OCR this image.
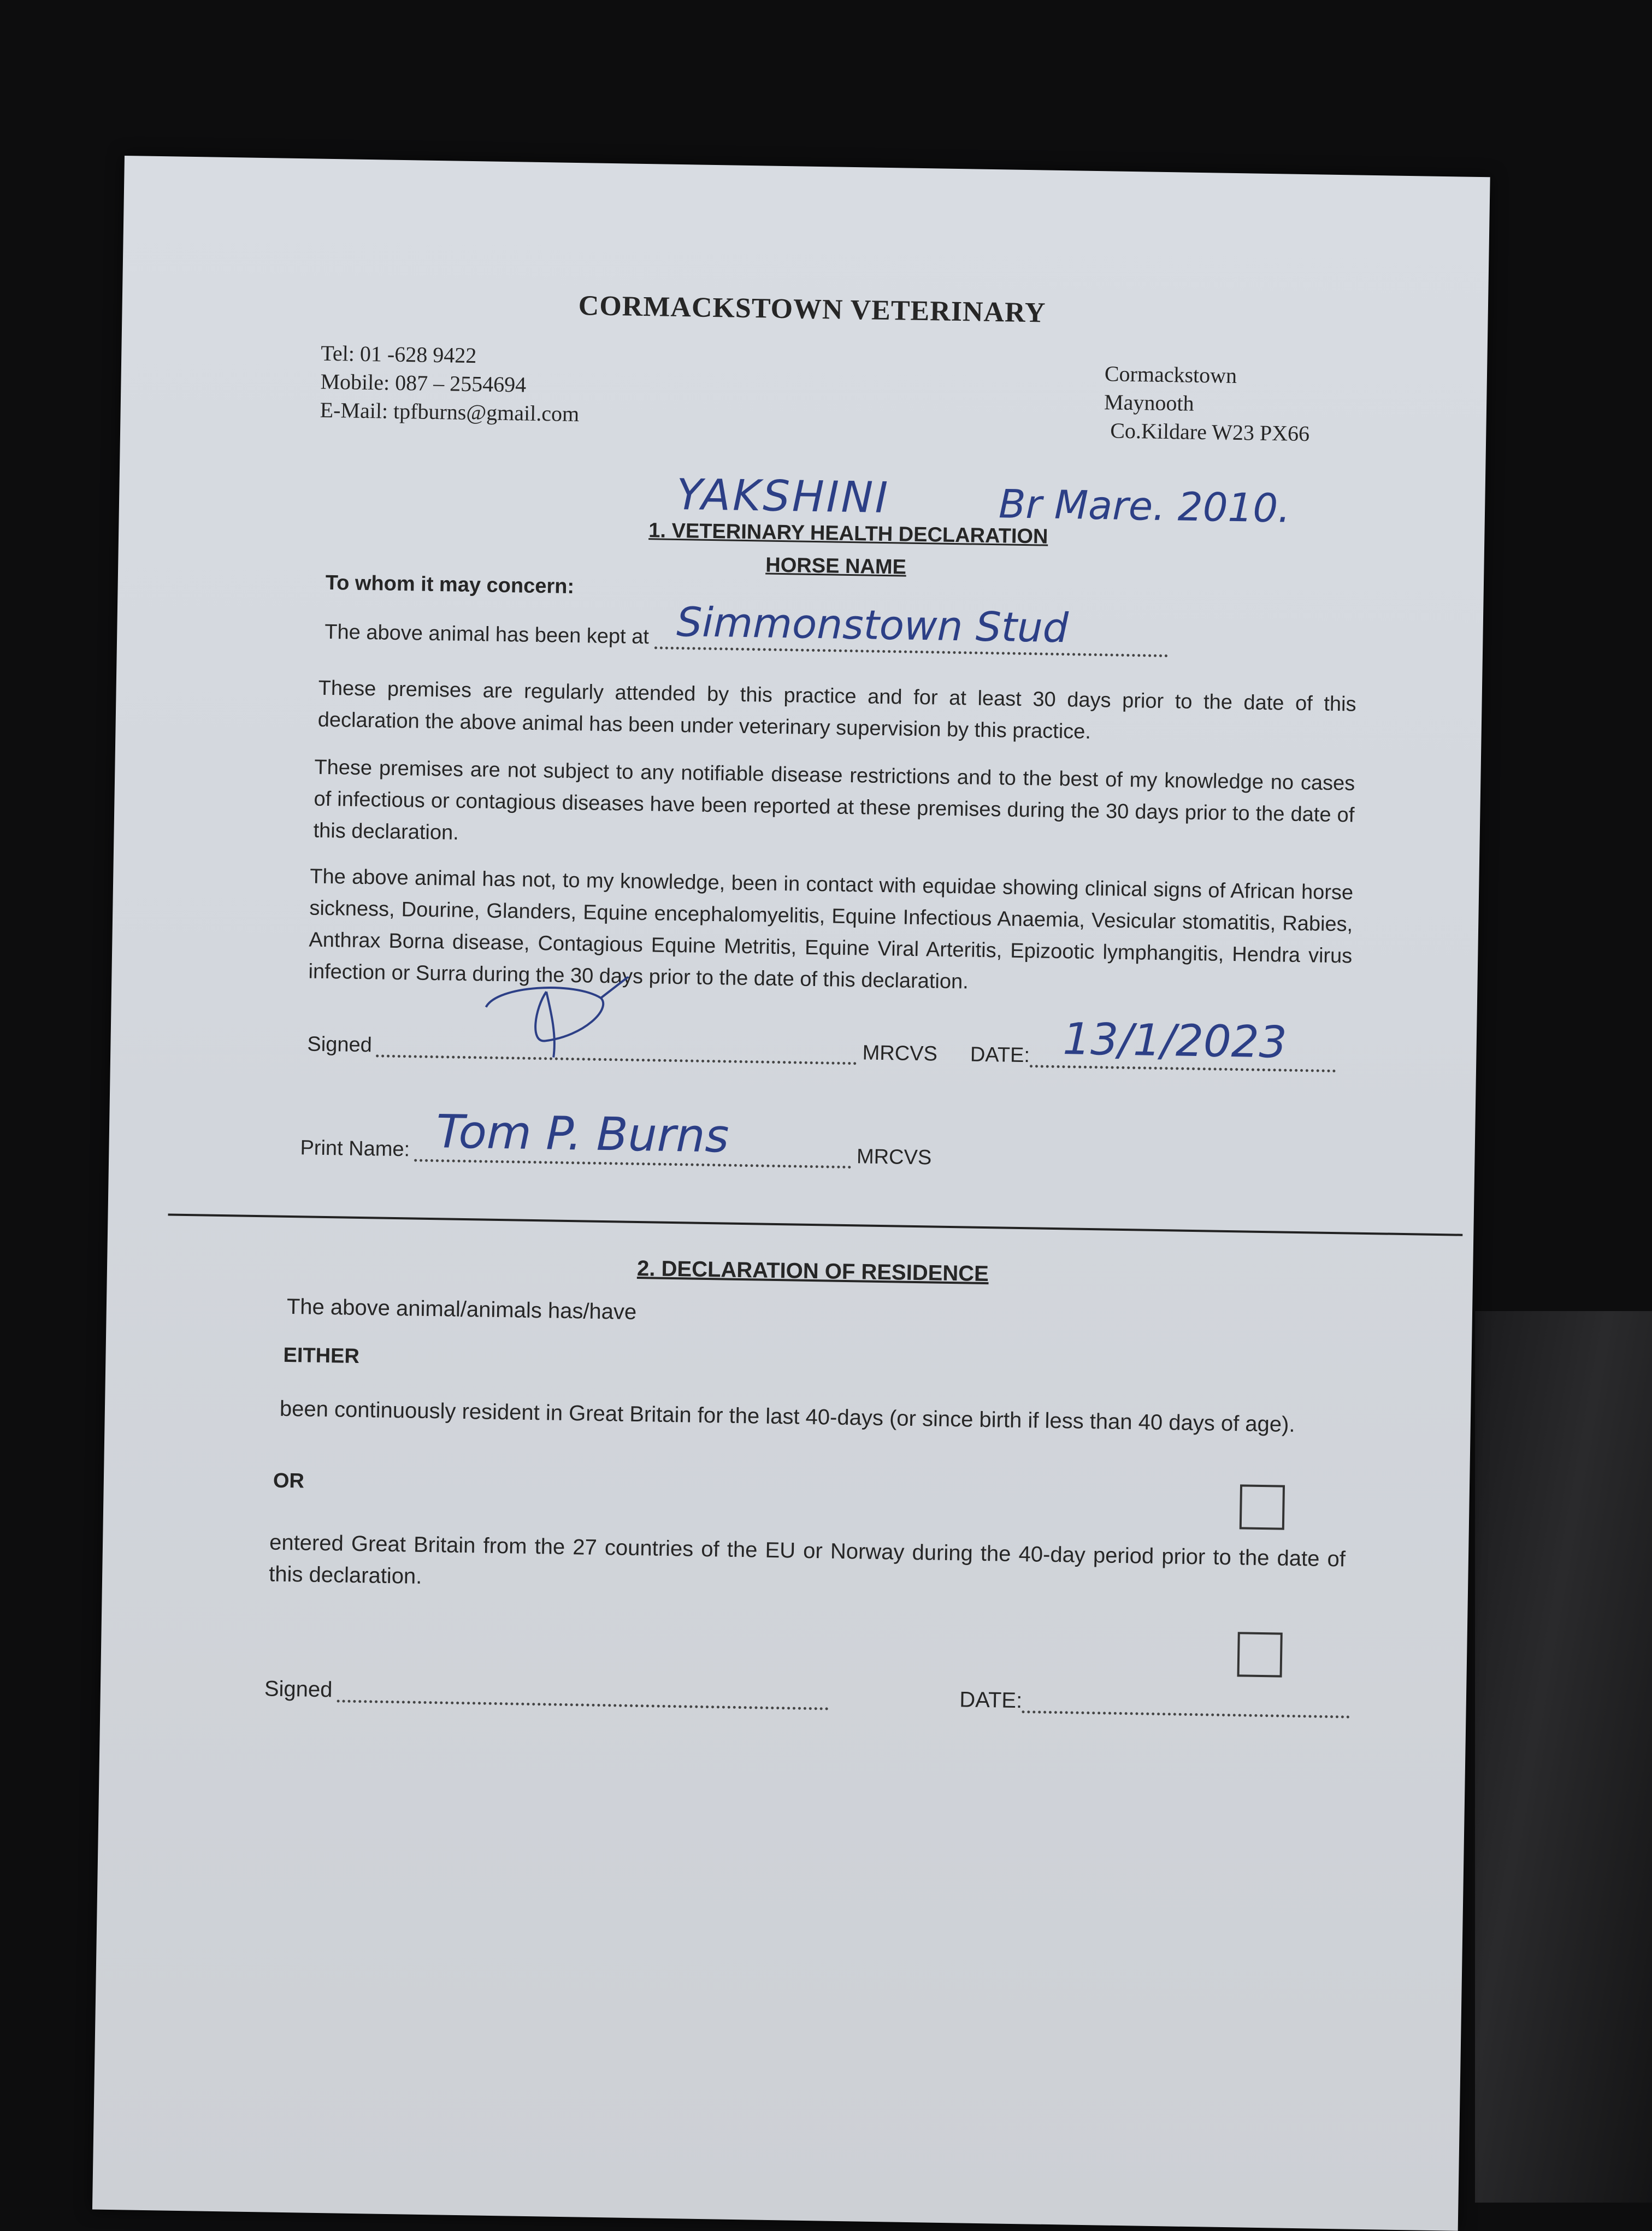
CORMACKSTOWN VETERINARY
Tel: 01 -628 9422
Mobile: 087 – 2554694
E-Mail: tpfburns@gmail.com
Cormackstown
Maynooth
Co.Kildare W23 PX66
YAKSHINI	Br Mare. 2010.
1. VETERINARY HEALTH DECLARATION
HORSE NAME
To whom it may concern:
The above animal has been kept at Simmonstown Stud
These premises are regularly attended by this practice and for at least 30 days prior to the date of this declaration the above animal has been under veterinary supervision by this practice.
These premises are not subject to any notifiable disease restrictions and to the best of my knowledge no cases of infectious or contagious diseases have been reported at these premises during the 30 days prior to the date of this declaration.
The above animal has not, to my knowledge, been in contact with equidae showing clinical signs of African horse sickness, Dourine, Glanders, Equine encephalomyelitis, Equine Infectious Anaemia, Vesicular stomatitis, Rabies, Anthrax Borna disease, Contagious Equine Metritis, Equine Viral Arteritis, Epizootic lymphangitis, Hendra virus infection or Surra during the 30 days prior to the date of this declaration.
Signed	MRCVS DATE: 13/1/2023
Print Name: Tom P. Burns	MRCVS
2. DECLARATION OF RESIDENCE
The above animal/animals has/have
EITHER
been continuously resident in Great Britain for the last 40-days (or since birth if less than 40 days of age).
OR
entered Great Britain from the 27 countries of the EU or Norway during the 40-day period prior to the date of this declaration.
Signed	DATE:
